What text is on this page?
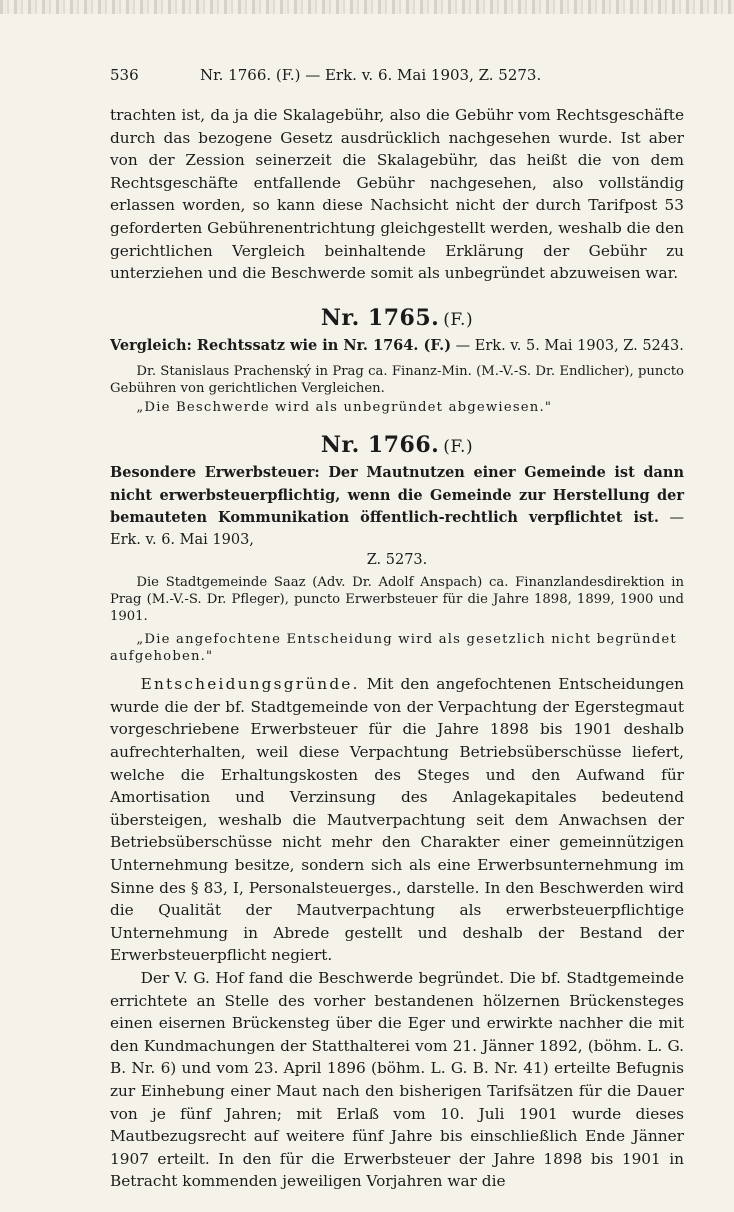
536	Nr. 1766. (F.) — Erk. v. 6. Mai 1903, Z. 5273.

trachten ist, da ja die Skalagebühr, also die Gebühr vom Rechtsgeschäfte durch das bezogene Gesetz ausdrücklich nachgesehen wurde. Ist aber von der Zession seinerzeit die Skalagebühr, das heißt die von dem Rechtsgeschäfte entfallende Gebühr nachgesehen, also vollständig erlassen worden, so kann diese Nachsicht nicht der durch Tarifpost 53 geforderten Gebührenentrichtung gleichgestellt werden, weshalb die den gerichtlichen Vergleich beinhaltende Erklärung der Gebühr zu unterziehen und die Beschwerde somit als unbegründet abzuweisen war.

Nr. 1765. (F.)

Vergleich: Rechtssatz wie in Nr. 1764. (F.) — Erk. v. 5. Mai 1903, Z. 5243.

Dr. Stanislaus Prachenský in Prag ca. Finanz-Min. (M.-V.-S. Dr. Endlicher), puncto Gebühren von gerichtlichen Vergleichen.

„Die Beschwerde wird als unbegründet abgewiesen."

Nr. 1766. (F.)

Besondere Erwerbsteuer: Der Mautnutzen einer Gemeinde ist dann nicht erwerbsteuerpflichtig, wenn die Gemeinde zur Herstellung der bemauteten Kommunikation öffentlich-rechtlich verpflichtet ist. — Erk. v. 6. Mai 1903,

Z. 5273.

Die Stadtgemeinde Saaz (Adv. Dr. Adolf Anspach) ca. Finanzlandesdirektion in Prag (M.-V.-S. Dr. Pfleger), puncto Erwerbsteuer für die Jahre 1898, 1899, 1900 und 1901.

„Die angefochtene Entscheidung wird als gesetzlich nicht begründet aufgehoben."

Entscheidungsgründe. Mit den angefochtenen Entscheidungen wurde die der bf. Stadtgemeinde von der Verpachtung der Egerstegmaut vorgeschriebene Erwerbsteuer für die Jahre 1898 bis 1901 deshalb aufrechterhalten, weil diese Verpachtung Betriebsüberschüsse liefert, welche die Erhaltungskosten des Steges und den Aufwand für Amortisation und Verzinsung des Anlagekapitales bedeutend übersteigen, weshalb die Mautverpachtung seit dem Anwachsen der Betriebsüberschüsse nicht mehr den Charakter einer gemeinnützigen Unternehmung besitze, sondern sich als eine Erwerbsunternehmung im Sinne des § 83, I, Personalsteuerges., darstelle. In den Beschwerden wird die Qualität der Mautverpachtung als erwerbsteuerpflichtige Unternehmung in Abrede gestellt und deshalb der Bestand der Erwerbsteuerpflicht negiert.

Der V. G. Hof fand die Beschwerde begründet. Die bf. Stadtgemeinde errichtete an Stelle des vorher bestandenen hölzernen Brückensteges einen eisernen Brückensteg über die Eger und erwirkte nachher die mit den Kundmachungen der Statthalterei vom 21. Jänner 1892, (böhm. L. G. B. Nr. 6) und vom 23. April 1896 (böhm. L. G. B. Nr. 41) erteilte Befugnis zur Einhebung einer Maut nach den bisherigen Tarifsätzen für die Dauer von je fünf Jahren; mit Erlaß vom 10. Juli 1901 wurde dieses Mautbezugsrecht auf weitere fünf Jahre bis einschließlich Ende Jänner 1907 erteilt. In den für die Erwerbsteuer der Jahre 1898 bis 1901 in Betracht kommenden jeweiligen Vorjahren war die
